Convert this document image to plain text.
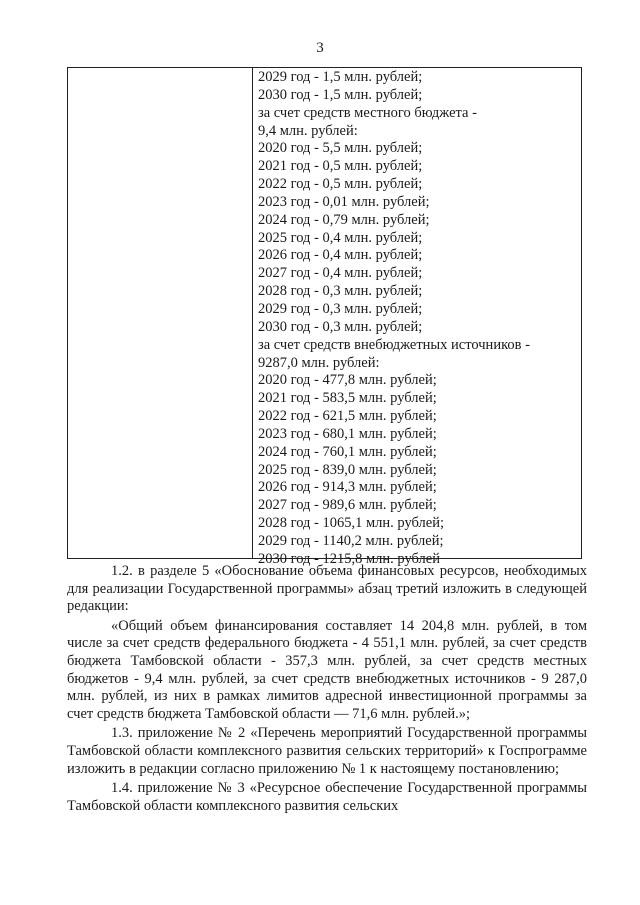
3
2029 год - 1,5 млн. рублей;
2030 год - 1,5 млн. рублей;
за счет средств местного бюджета -
9,4 млн. рублей:
2020 год - 5,5 млн. рублей;
2021 год - 0,5 млн. рублей;
2022 год - 0,5 млн. рублей;
2023 год - 0,01 млн. рублей;
2024 год - 0,79 млн. рублей;
2025 год - 0,4 млн. рублей;
2026 год - 0,4 млн. рублей;
2027 год - 0,4 млн. рублей;
2028 год - 0,3 млн. рублей;
2029 год - 0,3 млн. рублей;
2030 год - 0,3 млн. рублей;
за счет средств внебюджетных источников -
9287,0 млн. рублей:
2020 год - 477,8 млн. рублей;
2021 год - 583,5 млн. рублей;
2022 год - 621,5 млн. рублей;
2023 год - 680,1 млн. рублей;
2024 год - 760,1 млн. рублей;
2025 год - 839,0 млн. рублей;
2026 год - 914,3 млн. рублей;
2027 год - 989,6 млн. рублей;
2028 год - 1065,1 млн. рублей;
2029 год - 1140,2 млн. рублей;
2030 год - 1215,8 млн. рублей

1.2. в разделе 5 «Обоснование объема финансовых ресурсов, необходимых для реализации Государственной программы» абзац третий изложить в следующей редакции:

«Общий объем финансирования составляет 14 204,8 млн. рублей, в том числе за счет средств федерального бюджета - 4 551,1 млн. рублей, за счет средств бюджета Тамбовской области - 357,3 млн. рублей, за счет средств местных бюджетов - 9,4 млн. рублей, за счет средств внебюджетных источников - 9 287,0 млн. рублей, из них в рамках лимитов адресной инвестиционной программы за счет средств бюджета Тамбовской области — 71,6 млн. рублей.»;

1.3. приложение № 2 «Перечень мероприятий Государственной программы Тамбовской области комплексного развития сельских территорий» к Госпрограмме изложить в редакции согласно приложению № 1 к настоящему постановлению;

1.4. приложение № 3 «Ресурсное обеспечение Государственной программы Тамбовской области комплексного развития сельских
